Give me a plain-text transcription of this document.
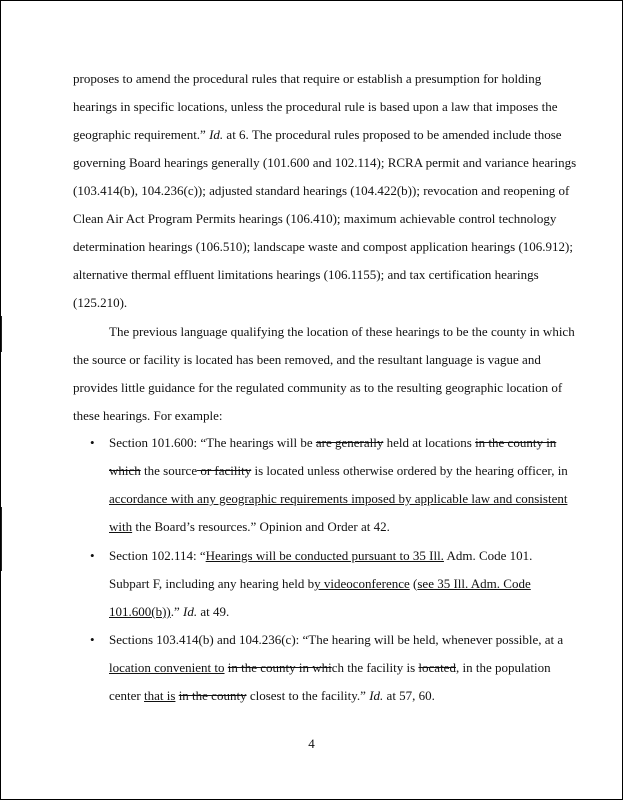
proposes to amend the procedural rules that require or establish a presumption for holding
hearings in specific locations, unless the procedural rule is based upon a law that imposes the
geographic requirement.” Id. at 6. The procedural rules proposed to be amended include those
governing Board hearings generally (101.600 and 102.114); RCRA permit and variance hearings
(103.414(b), 104.236(c)); adjusted standard hearings (104.422(b)); revocation and reopening of
Clean Air Act Program Permits hearings (106.410); maximum achievable control technology
determination hearings (106.510); landscape waste and compost application hearings (106.912);
alternative thermal effluent limitations hearings (106.1155); and tax certification hearings
(125.210).
The previous language qualifying the location of these hearings to be the county in which
the source or facility is located has been removed, and the resultant language is vague and
provides little guidance for the regulated community as to the resulting geographic location of
these hearings. For example:
• Section 101.600: “The hearings will be are generally held at locations in the county in
which the source or facility is located unless otherwise ordered by the hearing officer, in
accordance with any geographic requirements imposed by applicable law and consistent
with the Board’s resources.” Opinion and Order at 42.
• Section 102.114: “Hearings will be conducted pursuant to 35 Ill. Adm. Code 101.
Subpart F, including any hearing held by videoconference (see 35 Ill. Adm. Code
101.600(b)).” Id. at 49.
• Sections 103.414(b) and 104.236(c): “The hearing will be held, whenever possible, at a
location convenient to in the county in which the facility is located, in the population
center that is in the county closest to the facility.” Id. at 57, 60.
4
